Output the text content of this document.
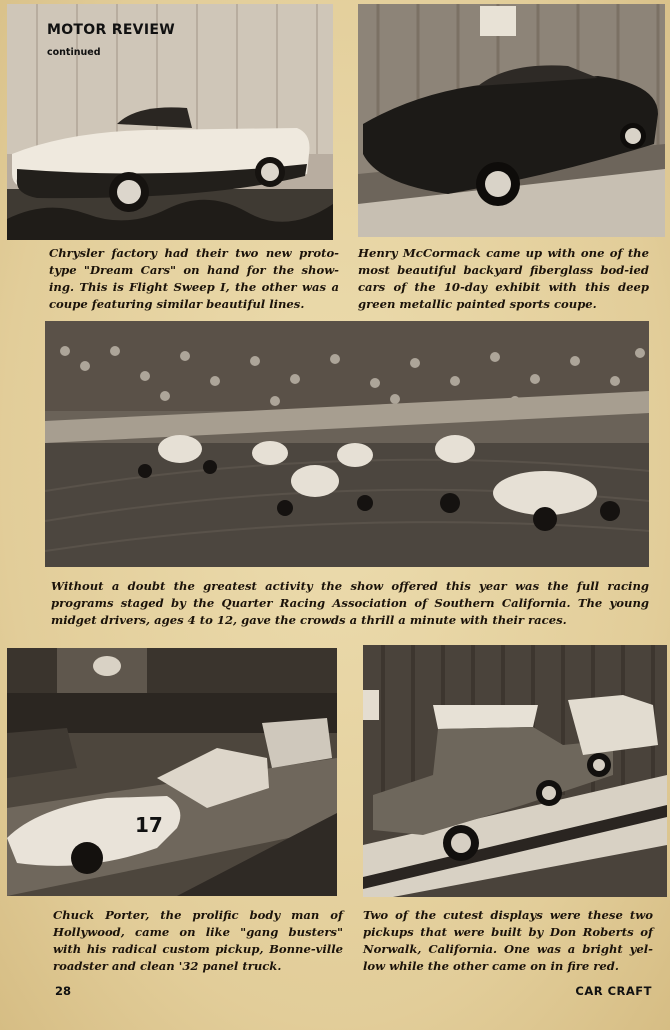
MOTOR REVIEW
continued

Chrysler factory had their two new proto-type "Dream Cars" on hand for the show-ing. This is Flight Sweep I, the other was a coupe featuring similar beautiful lines.

Henry McCormack came up with one of the most beautiful backyard fiberglass bod-ied cars of the 10-day exhibit with this deep green metallic painted sports coupe.

Without a doubt the greatest activity the show offered this year was the full racing programs staged by the Quarter Racing Association of Southern California. The young midget drivers, ages 4 to 12, gave the crowds a thrill a minute with their races.

17

Chuck Porter, the prolific body man of Hollywood, came on like "gang busters" with his radical custom pickup, Bonne-ville roadster and clean '32 panel truck.

Two of the cutest displays were these two pickups that were built by Don Roberts of Norwalk, California. One was a bright yel-low while the other came on in fire red.

28	CAR CRAFT
